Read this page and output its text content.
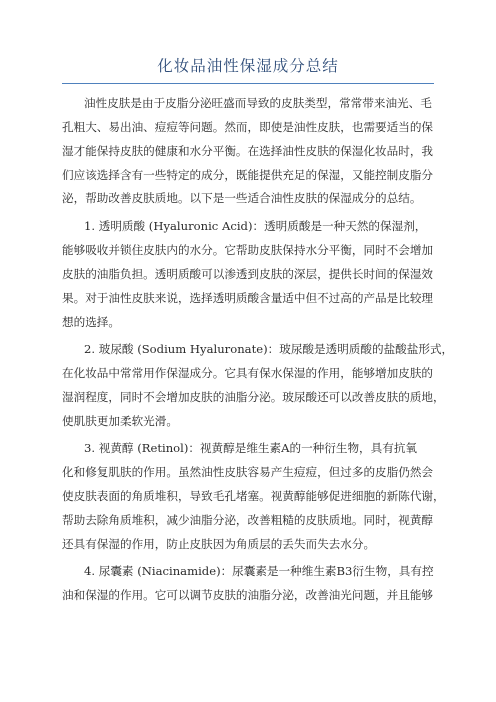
化妆品油性保湿成分总结
油性皮肤是由于皮脂分泌旺盛而导致的皮肤类型，常常带来油光、毛
孔粗大、易出油、痘痘等问题。然而，即使是油性皮肤，也需要适当的保
湿才能保持皮肤的健康和水分平衡。在选择油性皮肤的保湿化妆品时，我
们应该选择含有一些特定的成分，既能提供充足的保湿，又能控制皮脂分
泌，帮助改善皮肤质地。以下是一些适合油性皮肤的保湿成分的总结。
1. 透明质酸 (Hyaluronic Acid)：透明质酸是一种天然的保湿剂，
能够吸收并锁住皮肤内的水分。它帮助皮肤保持水分平衡，同时不会增加
皮肤的油脂负担。透明质酸可以渗透到皮肤的深层，提供长时间的保湿效
果。对于油性皮肤来说，选择透明质酸含量适中但不过高的产品是比较理
想的选择。
2. 玻尿酸 (Sodium Hyaluronate)：玻尿酸是透明质酸的盐酸盐形式，
在化妆品中常常用作保湿成分。它具有保水保湿的作用，能够增加皮肤的
湿润程度，同时不会增加皮肤的油脂分泌。玻尿酸还可以改善皮肤的质地，
使肌肤更加柔软光滑。
3. 视黄醇 (Retinol)：视黄醇是维生素A的一种衍生物，具有抗氧
化和修复肌肤的作用。虽然油性皮肤容易产生痘痘，但过多的皮脂仍然会
使皮肤表面的角质堆积，导致毛孔堵塞。视黄醇能够促进细胞的新陈代谢，
帮助去除角质堆积，减少油脂分泌，改善粗糙的皮肤质地。同时，视黄醇
还具有保湿的作用，防止皮肤因为角质层的丢失而失去水分。
4. 尿囊素 (Niacinamide)：尿囊素是一种维生素B3衍生物，具有控
油和保湿的作用。它可以调节皮肤的油脂分泌，改善油光问题，并且能够
